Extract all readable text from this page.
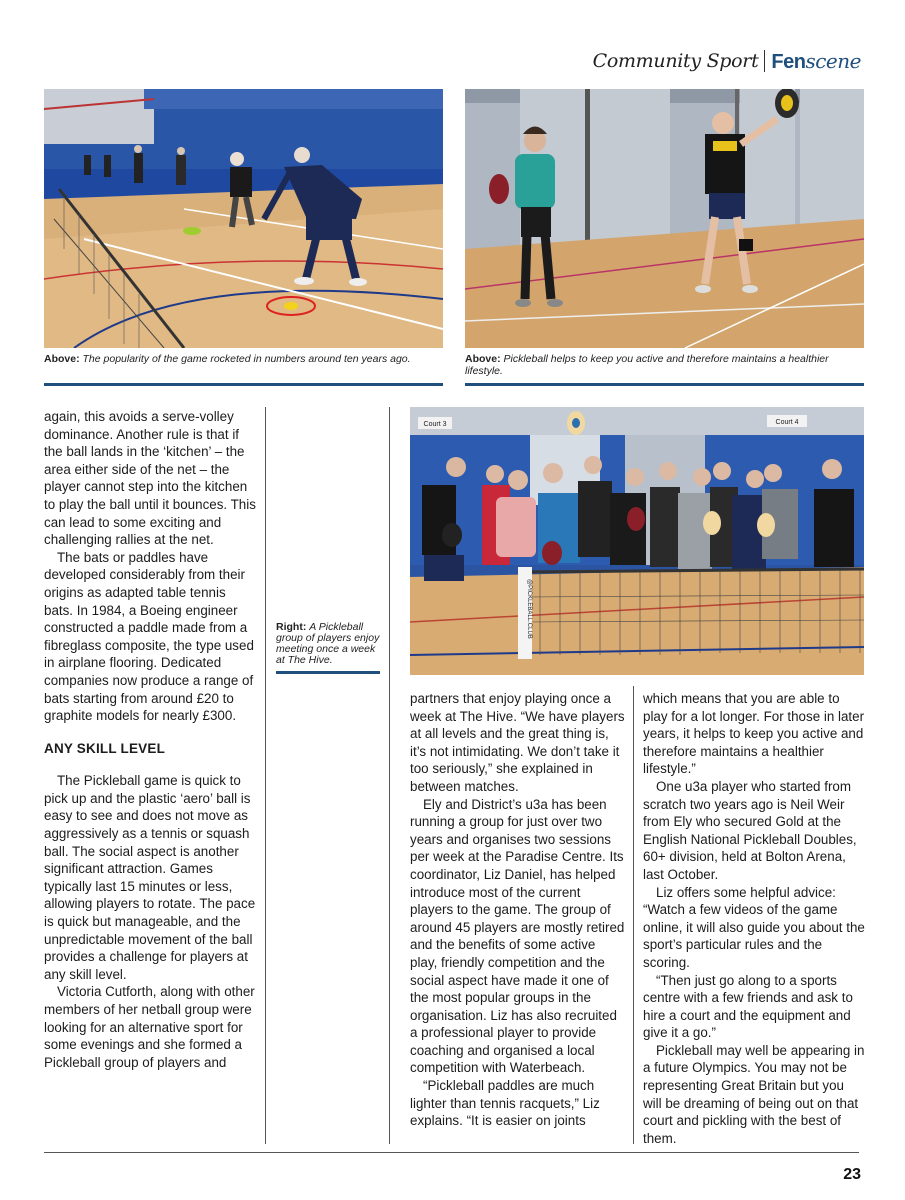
Community Sport Fenscene
Above: The popularity of the game rocketed in numbers around ten years ago.	Above: Pickleball helps to keep you active and therefore maintains a healthier lifestyle.

again, this avoids a serve-volley dominance. Another rule is that if the ball lands in the ‘kitchen’ – the area either side of the net – the player cannot step into the kitchen to play the ball until it bounces. This can lead to some exciting and challenging rallies at the net.

The bats or paddles have developed considerably from their origins as adapted table tennis bats. In 1984, a Boeing engineer constructed a paddle made from a fibreglass composite, the type used in airplane flooring. Dedicated companies now produce a range of bats starting from around £20 to graphite models for nearly £300.

ANY SKILL LEVEL

The Pickleball game is quick to pick up and the plastic ‘aero’ ball is easy to see and does not move as aggressively as a tennis or squash ball. The social aspect is another significant attraction. Games typically last 15 minutes or less, allowing players to rotate. The pace is quick but manageable, and the unpredictable movement of the ball provides a challenge for players at any skill level.

Victoria Cutforth, along with other members of her netball group were looking for an alternative sport for some evenings and she formed a Pickleball group of players and

Right: A Pickleball group of players enjoy meeting once a week at The Hive.
Court 3	Court 4
@PICKLEBALL.CLUB

partners that enjoy playing once a week at The Hive. “We have players at all levels and the great thing is, it’s not intimidating. We don’t take it too seriously,” she explained in between matches.

Ely and District’s u3a has been running a group for just over two years and organises two sessions per week at the Paradise Centre. Its coordinator, Liz Daniel, has helped introduce most of the current players to the game. The group of around 45 players are mostly retired and the benefits of some active play, friendly competition and the social aspect have made it one of the most popular groups in the organisation. Liz has also recruited a professional player to provide coaching and organised a local competition with Waterbeach.

“Pickleball paddles are much lighter than tennis racquets,” Liz explains. “It is easier on joints

which means that you are able to play for a lot longer. For those in later years, it helps to keep you active and therefore maintains a healthier lifestyle.”

One u3a player who started from scratch two years ago is Neil Weir from Ely who secured Gold at the English National Pickleball Doubles, 60+ division, held at Bolton Arena, last October.

Liz offers some helpful advice: “Watch a few videos of the game online, it will also guide you about the sport’s particular rules and the scoring.

“Then just go along to a sports centre with a few friends and ask to hire a court and the equipment and give it a go.”

Pickleball may well be appearing in a future Olympics. You may not be representing Great Britain but you will be dreaming of being out on that court and pickling with the best of them.

23
